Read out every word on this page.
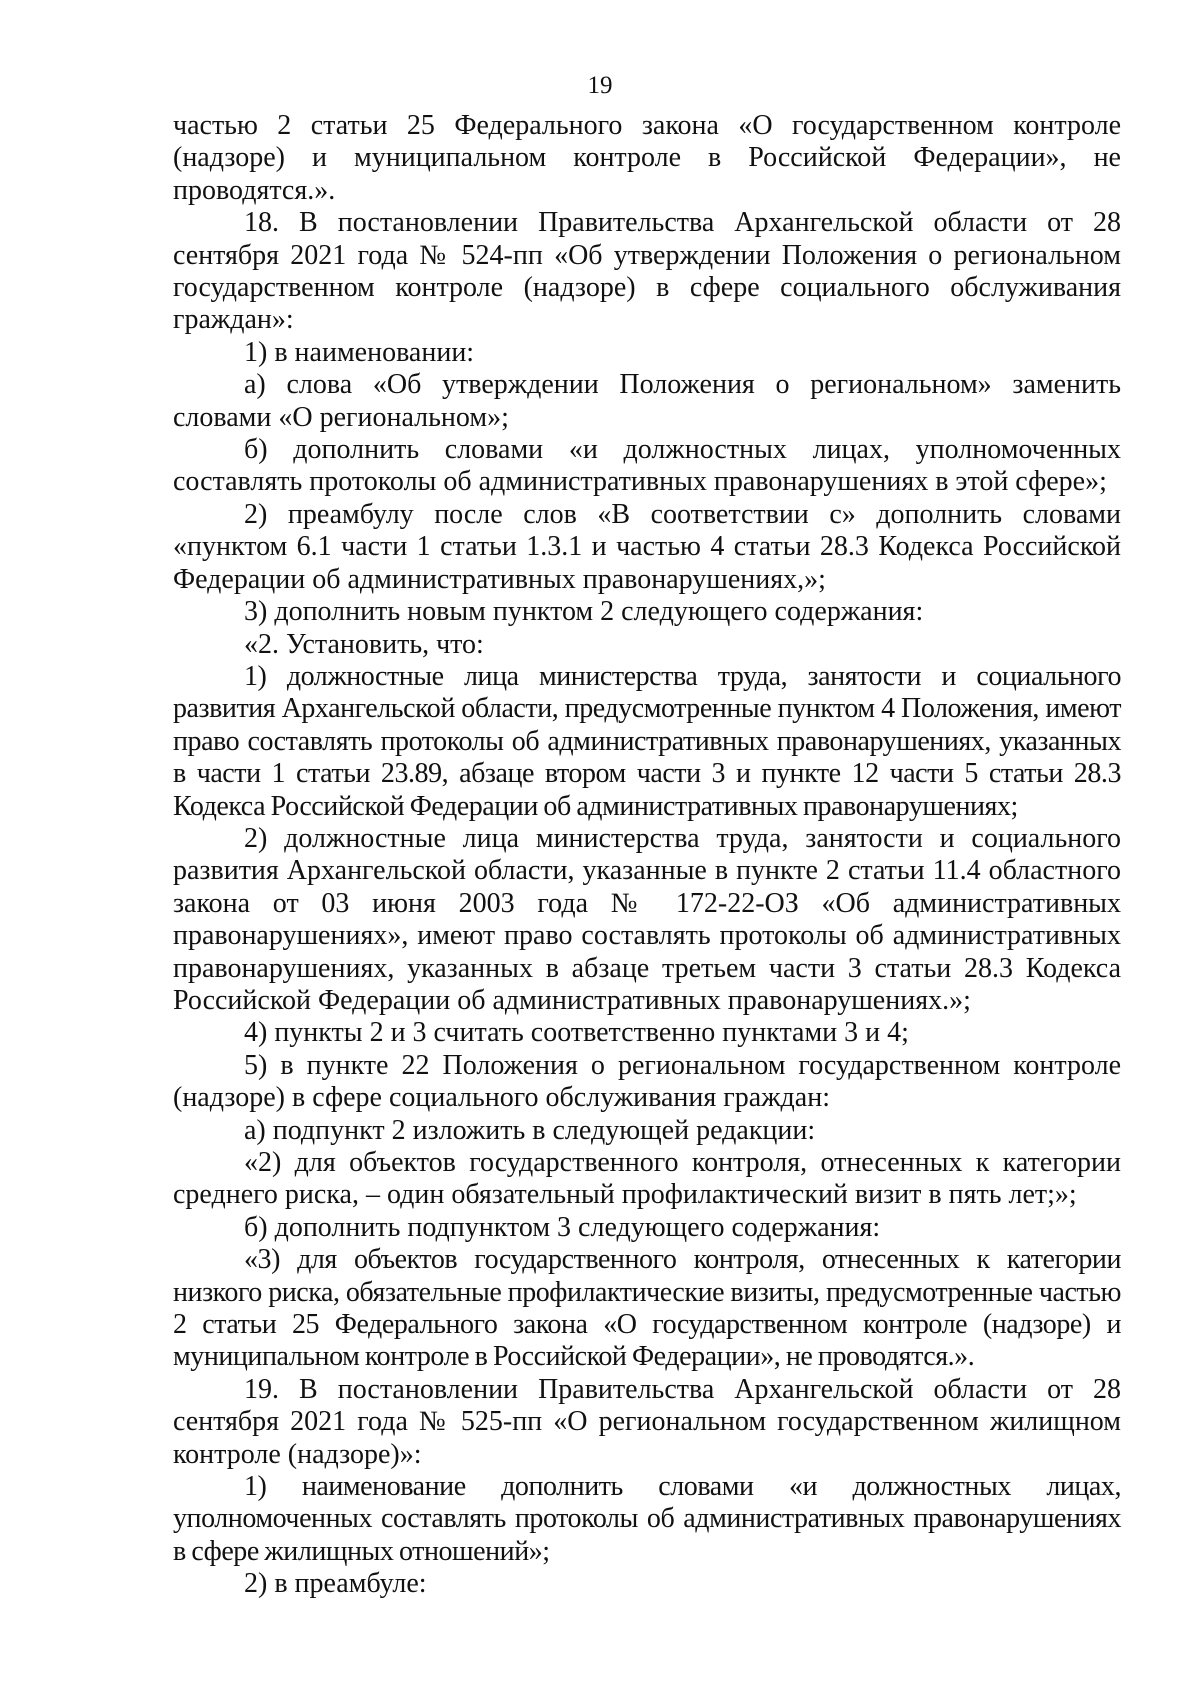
19

частью 2 статьи 25 Федерального закона «О государственном контроле (надзоре) и муниципальном контроле в Российской Федерации», не проводятся.».

18. В постановлении Правительства Архангельской области от 28 сентября 2021 года № 524-пп «Об утверждении Положения о региональном государственном контроле (надзоре) в сфере социального обслуживания граждан»:

1) в наименовании:

а) слова «Об утверждении Положения о региональном» заменить словами «О региональном»;

б) дополнить словами «и должностных лицах, уполномоченных составлять протоколы об административных правонарушениях в этой сфере»;

2) преамбулу после слов «В соответствии с» дополнить словами «пунктом 6.1 части 1 статьи 1.3.1 и частью 4 статьи 28.3 Кодекса Российской Федерации об административных правонарушениях,»;

3) дополнить новым пунктом 2 следующего содержания:

«2. Установить, что:

1) должностные лица министерства труда, занятости и социального развития Архангельской области, предусмотренные пунктом 4 Положения, имеют право составлять протоколы об административных правонарушениях, указанных в части 1 статьи 23.89, абзаце втором части 3 и пункте 12 части 5 статьи 28.3 Кодекса Российской Федерации об административных правонарушениях;

2) должностные лица министерства труда, занятости и социального развития Архангельской области, указанные в пункте 2 статьи 11.4 областного закона от 03 июня 2003 года № 172-22-ОЗ «Об административных правонарушениях», имеют право составлять протоколы об административных правонарушениях, указанных в абзаце третьем части 3 статьи 28.3 Кодекса Российской Федерации об административных правонарушениях.»;

4) пункты 2 и 3 считать соответственно пунктами 3 и 4;

5) в пункте 22 Положения о региональном государственном контроле (надзоре) в сфере социального обслуживания граждан:

а) подпункт 2 изложить в следующей редакции:

«2) для объектов государственного контроля, отнесенных к категории среднего риска, – один обязательный профилактический визит в пять лет;»;

б) дополнить подпунктом 3 следующего содержания:

«3) для объектов государственного контроля, отнесенных к категории низкого риска, обязательные профилактические визиты, предусмотренные частью 2 статьи 25 Федерального закона «О государственном контроле (надзоре) и муниципальном контроле в Российской Федерации», не проводятся.».

19. В постановлении Правительства Архангельской области от 28 сентября 2021 года № 525-пп «О региональном государственном жилищном контроле (надзоре)»:

1) наименование дополнить словами «и должностных лицах, уполномоченных составлять протоколы об административных правонарушениях в сфере жилищных отношений»;

2) в преамбуле:
